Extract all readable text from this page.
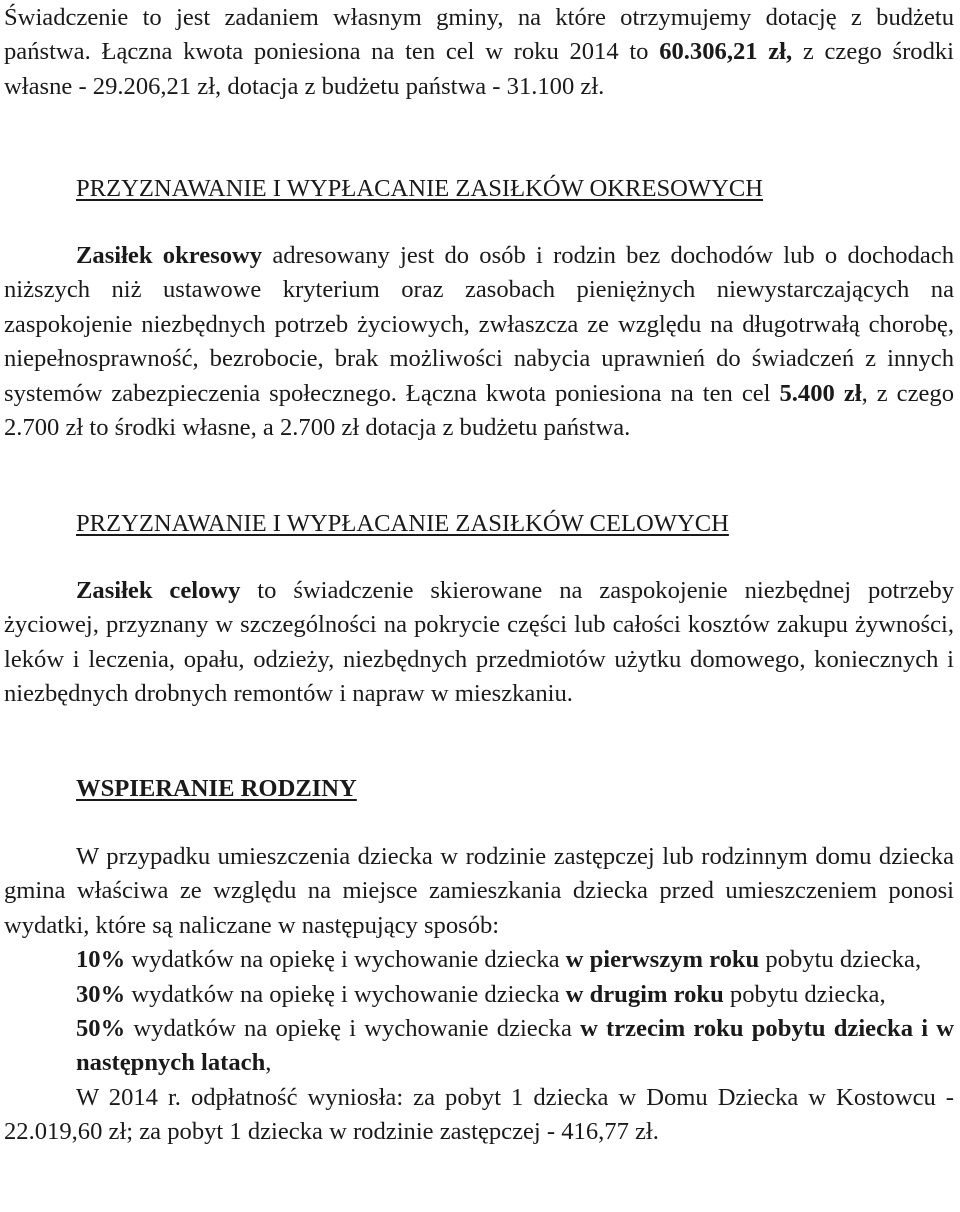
Świadczenie to jest zadaniem własnym gminy, na które otrzymujemy dotację z budżetu państwa. Łączna kwota poniesiona na ten cel w roku 2014 to 60.306,21 zł, z czego środki własne - 29.206,21 zł, dotacja z budżetu państwa - 31.100 zł.

PRZYZNAWANIE I WYPŁACANIE ZASIŁKÓW OKRESOWYCH

Zasiłek okresowy adresowany jest do osób i rodzin bez dochodów lub o dochodach niższych niż ustawowe kryterium oraz zasobach pieniężnych niewystarczających na zaspokojenie niezbędnych potrzeb życiowych, zwłaszcza ze względu na długotrwałą chorobę, niepełnosprawność, bezrobocie, brak możliwości nabycia uprawnień do świadczeń z innych systemów zabezpieczenia społecznego. Łączna kwota poniesiona na ten cel 5.400 zł, z czego 2.700 zł to środki własne, a 2.700 zł dotacja z budżetu państwa.

PRZYZNAWANIE I WYPŁACANIE ZASIŁKÓW CELOWYCH

Zasiłek celowy to świadczenie skierowane na zaspokojenie niezbędnej potrzeby życiowej, przyznany w szczególności na pokrycie części lub całości kosztów zakupu żywności, leków i leczenia, opału, odzieży, niezbędnych przedmiotów użytku domowego, koniecznych i niezbędnych drobnych remontów i napraw w mieszkaniu.

WSPIERANIE RODZINY

W przypadku umieszczenia dziecka w rodzinie zastępczej lub rodzinnym domu dziecka gmina właściwa ze względu na miejsce zamieszkania dziecka przed umieszczeniem ponosi wydatki, które są naliczane w następujący sposób:

10% wydatków na opiekę i wychowanie dziecka w pierwszym roku pobytu dziecka,

30% wydatków na opiekę i wychowanie dziecka w drugim roku pobytu dziecka,

50% wydatków na opiekę i wychowanie dziecka w trzecim roku pobytu dziecka i w następnych latach,

W 2014 r. odpłatność wyniosła: za pobyt 1 dziecka w Domu Dziecka w Kostowcu - 22.019,60 zł; za pobyt 1 dziecka w rodzinie zastępczej - 416,77 zł.
